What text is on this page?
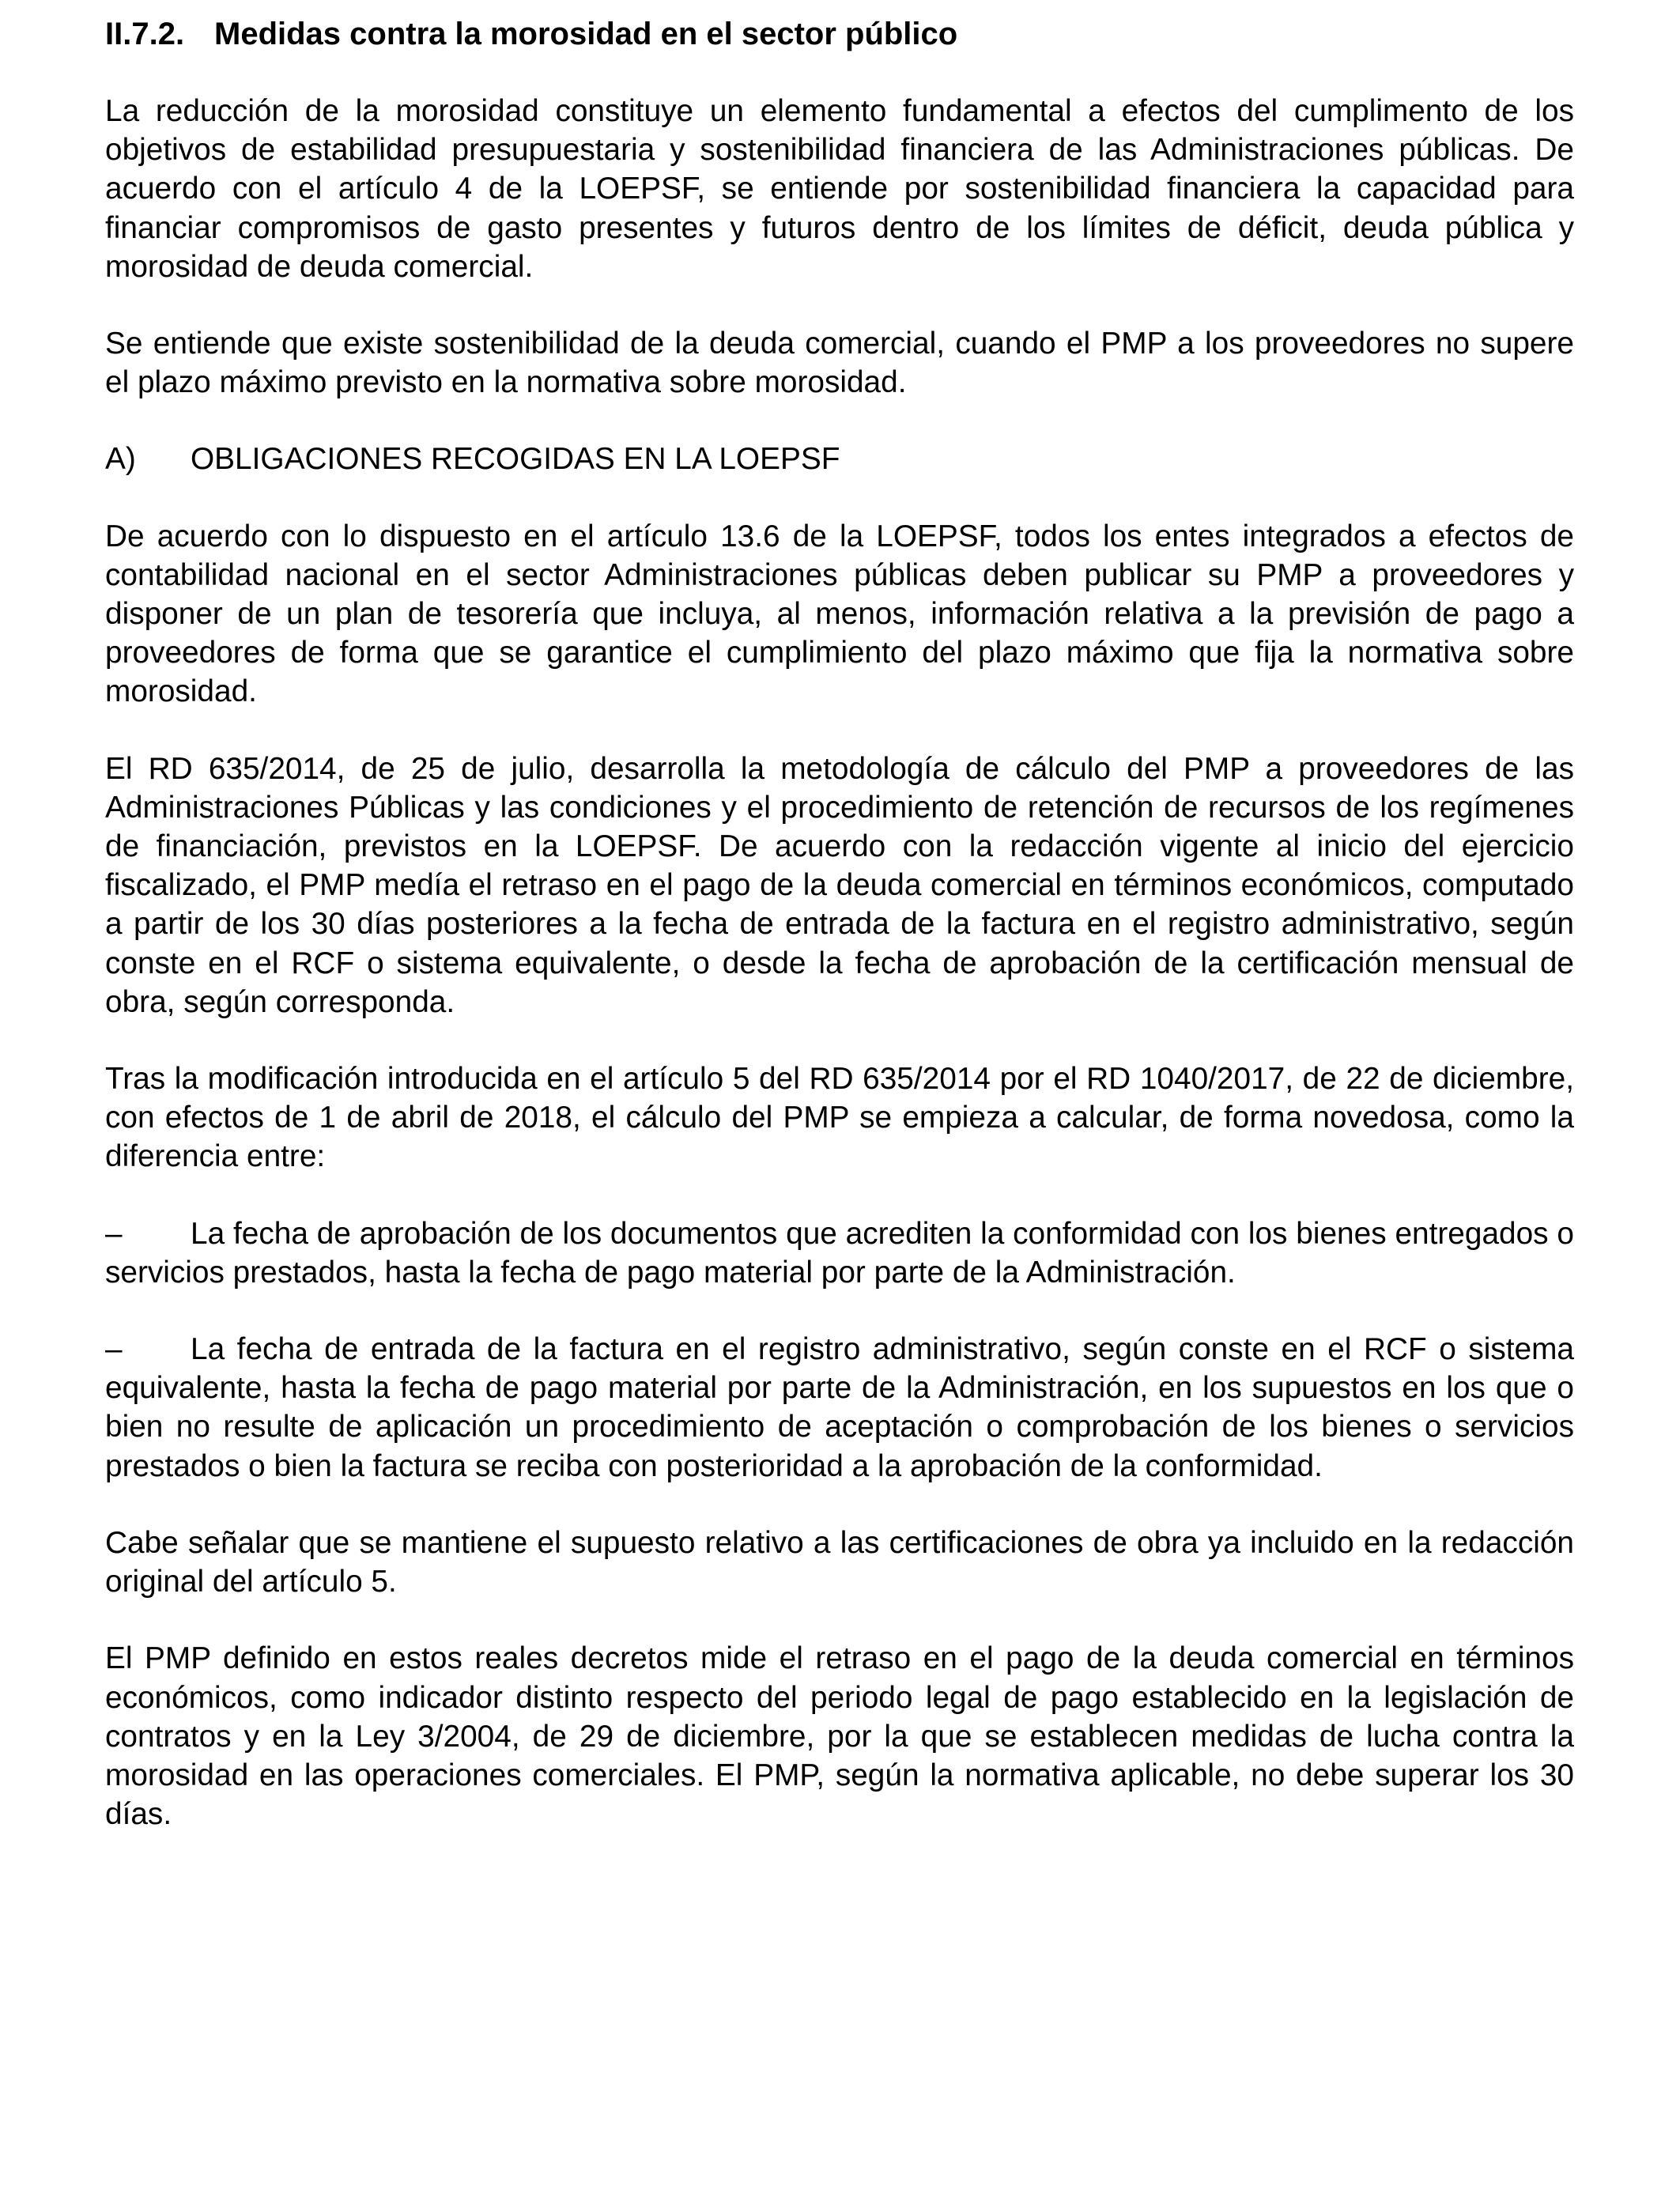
II.7.2. Medidas contra la morosidad en el sector público

La reducción de la morosidad constituye un elemento fundamental a efectos del cumplimento de los objetivos de estabilidad presupuestaria y sostenibilidad financiera de las Administraciones públicas. De acuerdo con el artículo 4 de la LOEPSF, se entiende por sostenibilidad financiera la capacidad para financiar compromisos de gasto presentes y futuros dentro de los límites de déficit, deuda pública y morosidad de deuda comercial.

Se entiende que existe sostenibilidad de la deuda comercial, cuando el PMP a los proveedores no supere el plazo máximo previsto en la normativa sobre morosidad.

A) OBLIGACIONES RECOGIDAS EN LA LOEPSF

De acuerdo con lo dispuesto en el artículo 13.6 de la LOEPSF, todos los entes integrados a efectos de contabilidad nacional en el sector Administraciones públicas deben publicar su PMP a proveedores y disponer de un plan de tesorería que incluya, al menos, información relativa a la previsión de pago a proveedores de forma que se garantice el cumplimiento del plazo máximo que fija la normativa sobre morosidad.

El RD 635/2014, de 25 de julio, desarrolla la metodología de cálculo del PMP a proveedores de las Administraciones Públicas y las condiciones y el procedimiento de retención de recursos de los regímenes de financiación, previstos en la LOEPSF. De acuerdo con la redacción vigente al inicio del ejercicio fiscalizado, el PMP medía el retraso en el pago de la deuda comercial en términos económicos, computado a partir de los 30 días posteriores a la fecha de entrada de la factura en el registro administrativo, según conste en el RCF o sistema equivalente, o desde la fecha de aprobación de la certificación mensual de obra, según corresponda.

Tras la modificación introducida en el artículo 5 del RD 635/2014 por el RD 1040/2017, de 22 de diciembre, con efectos de 1 de abril de 2018, el cálculo del PMP se empieza a calcular, de forma novedosa, como la diferencia entre:

– La fecha de aprobación de los documentos que acrediten la conformidad con los bienes entregados o servicios prestados, hasta la fecha de pago material por parte de la Administración.

– La fecha de entrada de la factura en el registro administrativo, según conste en el RCF o sistema equivalente, hasta la fecha de pago material por parte de la Administración, en los supuestos en los que o bien no resulte de aplicación un procedimiento de aceptación o comprobación de los bienes o servicios prestados o bien la factura se reciba con posterioridad a la aprobación de la conformidad.

Cabe señalar que se mantiene el supuesto relativo a las certificaciones de obra ya incluido en la redacción original del artículo 5.

El PMP definido en estos reales decretos mide el retraso en el pago de la deuda comercial en términos económicos, como indicador distinto respecto del periodo legal de pago establecido en la legislación de contratos y en la Ley 3/2004, de 29 de diciembre, por la que se establecen medidas de lucha contra la morosidad en las operaciones comerciales. El PMP, según la normativa aplicable, no debe superar los 30 días.
